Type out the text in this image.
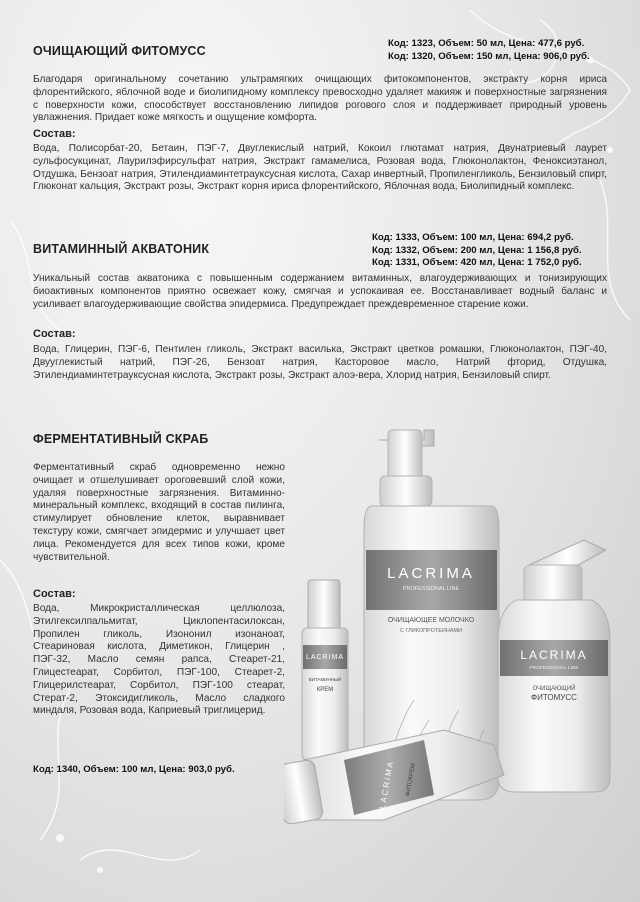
ОЧИЩАЮЩИЙ ФИТОМУСС
Код: 1323, Объем: 50 мл, Цена: 477,6 руб.
Код: 1320, Объем: 150 мл, Цена: 906,0 руб.
Благодаря оригинальному сочетанию ультрамягких очищающих фитокомпонентов, экстракту корня ириса флорентийского, яблочной воде и биолипидному комплексу превосходно удаляет макияж и поверхностные загрязнения с поверхности кожи, способствует восстановлению липидов рогового слоя и поддерживает природный уровень увлажнения. Придает коже мягкость и ощущение комфорта.
Состав:
Вода, Полисорбат-20, Бетаин, ПЭГ-7, Двуглекислый натрий, Кокоил глютамат натрия, Двунатриевый лаурет сульфосукцинат, Лаурилэфирсульфат натрия, Экстракт гамамелиса, Розовая вода, Глюконолактон, Феноксиэтанол, Отдушка, Бензоат натрия, Этилендиаминтетрауксусная кислота, Сахар инвертный, Пропиленгликоль, Бензиловый спирт, Глюконат кальция, Экстракт розы, Экстракт корня ириса флорентийского, Яблочная вода, Биолипидный комплекс.
ВИТАМИННЫЙ АКВАТОНИК
Код: 1333, Объем: 100 мл, Цена: 694,2 руб.
Код: 1332, Объем: 200 мл, Цена: 1 156,8 руб.
Код: 1331, Объем: 420 мл, Цена: 1 752,0 руб.
Уникальный состав акватоника с повышенным содержанием витаминных, влагоудерживающих и тонизирующих биоактивных компонентов приятно освежает кожу, смягчая и успокаивая ее. Восстанавливает водный баланс и усиливает влагоудерживающие свойства эпидермиса. Предупреждает преждевременное старение кожи.
Состав:
Вода, Глицерин, ПЭГ-6, Пентилен гликоль, Экстракт василька, Экстракт цветков ромашки, Глюконолактон, ПЭГ-40, Двууглекистый натрий, ПЭГ-26, Бензоат натрия, Касторовое масло, Натрий фторид, Отдушка, Этилендиаминтетрауксусная кислота, Экстракт розы, Экстракт алоэ-вера, Хлорид натрия, Бензиловый спирт.
ФЕРМЕНТАТИВНЫЙ СКРАБ
Ферментативный скраб одновременно нежно очищает и отшелушивает ороговевший слой кожи, удаляя поверхностные загрязнения. Витаминно-минеральный комплекс, входящий в состав пилинга, стимулирует обновление клеток, выравнивает текстуру кожи, смягчает эпидермис и улучшает цвет лица. Рекомендуется для всех типов кожи, кроме чувствительной.
Состав:
Вода, Микрокристаллическая целлюлоза, Этилгексилпальмитат, Циклопентасилоксан, Пропилен гликоль, Изононил изонаноат, Стеариновая кислота, Диметикон, Глицерин , ПЭГ-32, Масло семян рапса, Стеарет-21, Глицестеарат, Сорбитол, ПЭГ-100, Стеарет-2, Глицерилстеарат, Сорбитол, ПЭГ-100 стеарат, Стерат-2, Этоксидигликоль, Масло сладкого миндаля, Розовая вода, Каприевый триглицерид.
Код: 1340, Объем: 100 мл, Цена: 903,0 руб.
LACRIMA
PROFESSIONAL LINE
ОЧИЩАЮЩЕЕ МОЛОЧКО
С ГЛИКОПРОТЕИНАМИ
LACRIMA
PROFESSIONAL LINE
ОЧИЩАЮЩИЙ
ФИТОМУСС
LACRIMA
ВИТАМИННЫЙ
КРЕМ
LACRIMA ФИТОКРЕМ
